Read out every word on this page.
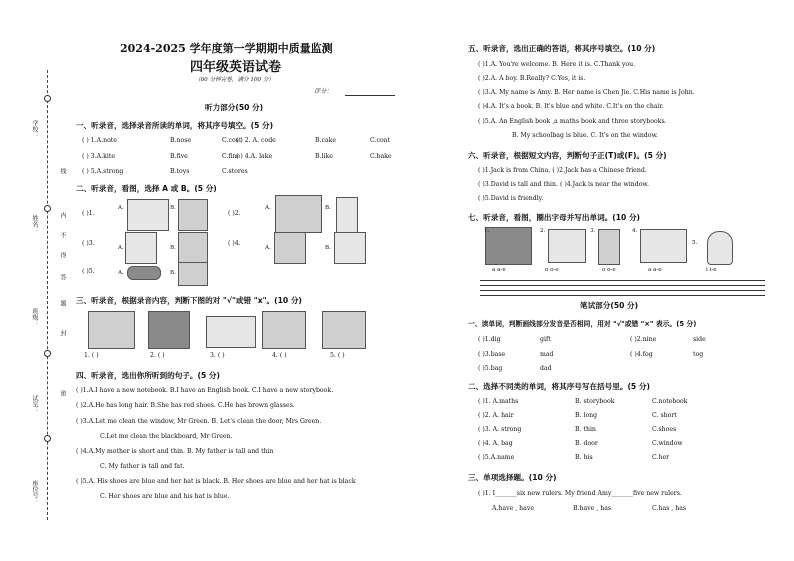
学校：
姓名：
班级：
试室：
座位号：
线
内
不
得
答
题
封
密
2024-2025 学年度第一学期期中质量监测
四年级英语试卷
（60 分钟完卷，满分 100 分）
评分：
听力部分(50 分)
一、听录音，选择录音所读的单词，将其序号填空。(5 分)
( ) 1.A.note	B.nose	C.cost
( ) 2. A. code	B.cake	C.coat
( ) 3.A.kite	B.five	C.fine
( ) 4.A. lake	B.like	C.bake
( ) 5.A.strong	B.toys	C.stores
二、听录音，看图，选择 A 或 B。(5 分)
( )1.
A.	B.
( )2.
A.	B.
( )3.
A.	B.
( )4.
A.	B.
( )5.	A.	B.
三、听录音，根据录音内容，判断下图的对 "√"或错 "x"。(10 分)
1. ( )	2. ( )	3. ( )	4. ( )	5. ( )
四、听录音，选出你所听到的句子。(5 分)
( )1.A.I have a new notebook. B.I have an English book. C.I have a new storybook.
( )2.A.He has long hair. B.She has red shoes. C.He has brown glasses.
( )3.A.Let me clean the window, Mr Green. B. Let's clean the door, Mrs Green.
C.Let me clean the blackboard, Mr Green.
( )4.A.My mother is short and thin. B. My father is tall and thin
C. My father is tall and fat.
( )5.A. His shoes are blue and her hat is black. B. Her shoes are blue and her hat is black
C. Her shoes are blue and his hat is blue.
五、听录音，选出正确的答语，将其序号填空。(10 分)
( )1.A. You're welcome. B. Here it is. C.Thank you.
( )2.A. A boy. B.Really? C.Yes, it is.
( )3.A. My name is Amy. B. Her name is Chen Jie. C.His name is John.
( )4.A. It's a book. B. It's blue and white. C.It's on the chair.
( )5.A. An English book ,a maths book and three storybooks.
B. My schoolbag is blue. C. It's on the window.
六、听录音，根据短文内容，判断句子正(T)或(F)。(5 分)
( )1.Jack is from China. ( )2.Jack has a Chinese friend.
( )3.David is tall and thin. ( )4.Jack is near the window.
( )5.David is friendly.
七、听录音，看图，圈出字母并写出单词。(10 分)
2.	3.	4.
5.
1.
a a-e	o o-e	o o-e	a a-e	i i-e
笔试部分(50 分)
一、读单词，判断画线部分发音是否相同，用对 "√"或错 "×" 表示。(5 分)
( )1.dig	gift	( )2.nine	side
( )3.base	mad	( )4.fog	tog
( )5.bag	dad
二、选择不同类的单词，将其序号写在括号里。(5 分)
( )1. A.maths	B. storybook	C.notebook
( )2. A. hair	B. long	C. short
( )3. A. strong	B. thin	C.shoes
( )4. A. bag	B. door	C.window
( )5.A.name	B. his	C.her
三、单项选择题。(10 分)
( )1. I_______six new rulers. My friend Amy_______five new rulers.
A.have , have	B.have , has	C.has , has
